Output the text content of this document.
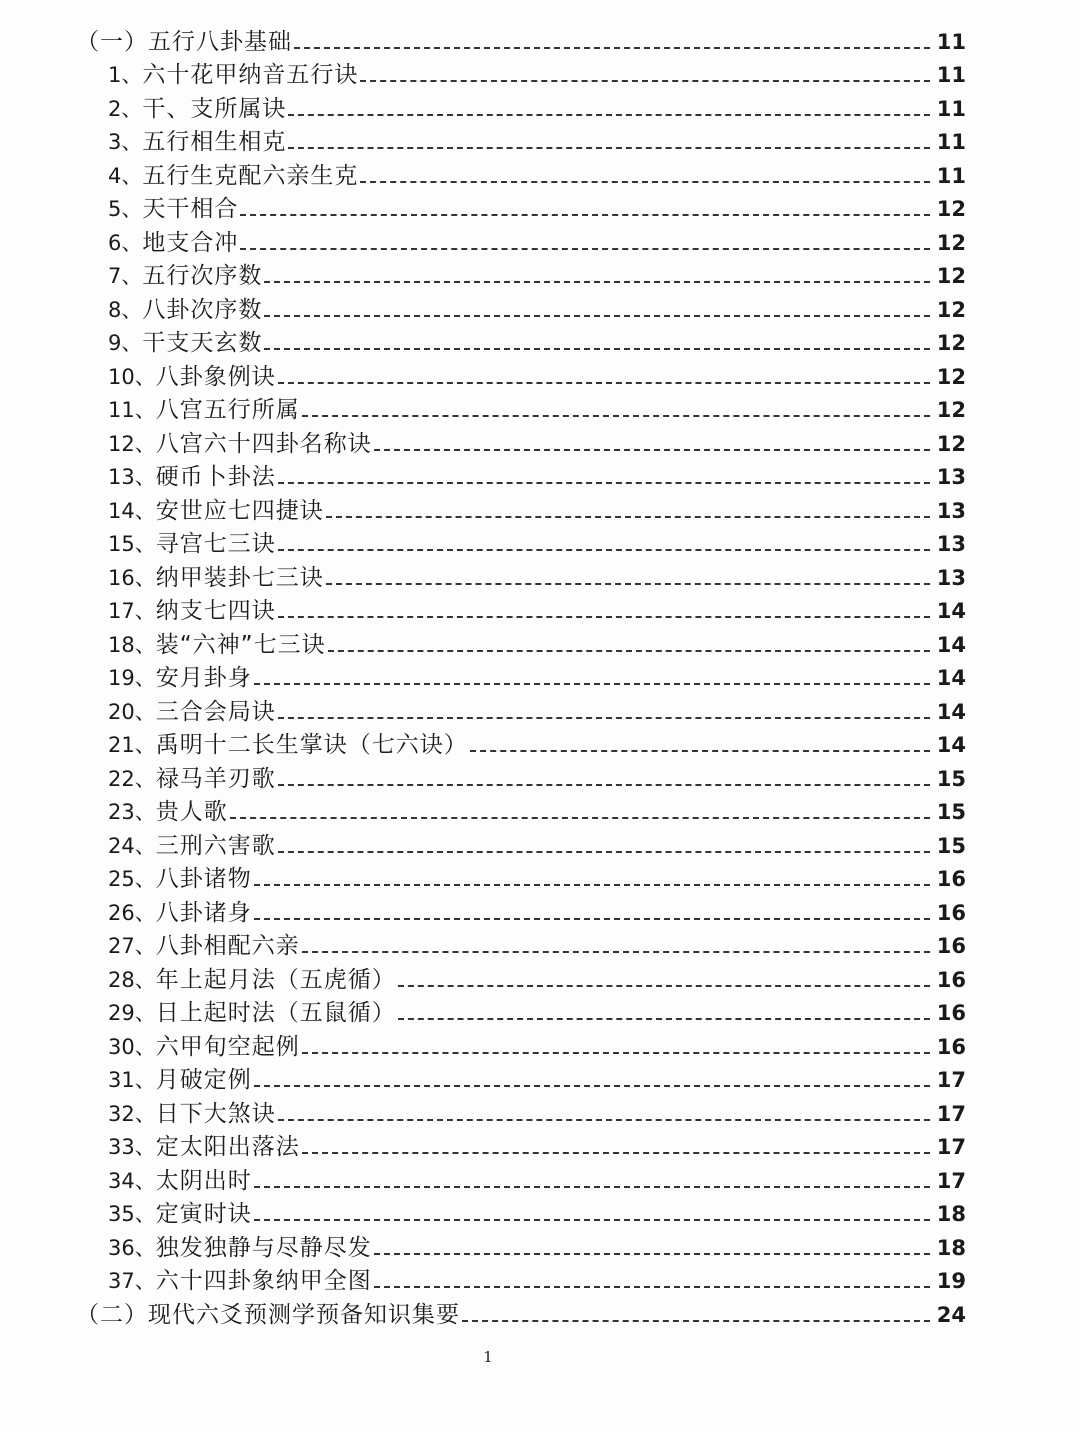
（一）五行八卦基础	11
1、 六十花甲纳音五行诀	11
2、 干、支所属诀	11
3、 五行相生相克	11
4、 五行生克配六亲生克	11
5、 天干相合	12
6、 地支合冲	12
7、 五行次序数	12
8、 八卦次序数	12
9、 干支天玄数	12
10、 八卦象例诀	12
11、 八宫五行所属	12
12、 八宫六十四卦名称诀	12
13、 硬币卜卦法	13
14、 安世应七四捷诀	13
15、 寻宫七三诀	13
16、 纳甲装卦七三诀	13
17、 纳支七四诀	14
18、 装“六神”七三诀	14
19、 安月卦身	14
20、 三合会局诀	14
21、 禹明十二长生掌诀（七六诀）	14
22、 禄马羊刃歌	15
23、 贵人歌	15
24、 三刑六害歌	15
25、 八卦诸物	16
26、 八卦诸身	16
27、 八卦相配六亲	16
28、 年上起月法（五虎循）	16
29、 日上起时法（五鼠循）	16
30、 六甲旬空起例	16
31、 月破定例	17
32、 日下大煞诀	17
33、 定太阳出落法	17
34、 太阴出时	17
35、 定寅时诀	18
36、 独发独静与尽静尽发	18
37、 六十四卦象纳甲全图	19
（二）现代六爻预测学预备知识集要	24
1
